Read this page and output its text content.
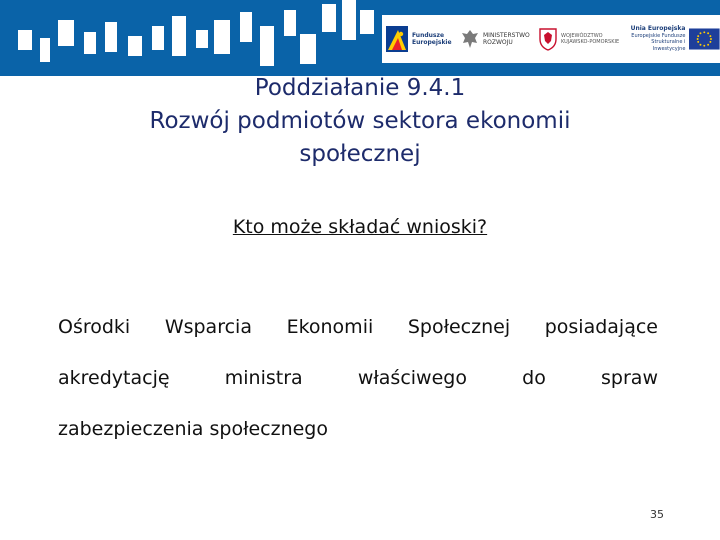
Fundusze
Europejskie
MINISTERSTWO
ROZWOJU
WOJEWÓDZTWO
KUJAWSKO-POMORSKIE
Unia Europejska
Europejskie Fundusze
Strukturalne i Inwestycyjne
Poddziałanie 9.4.1
Rozwój podmiotów sektora ekonomii
społecznej
Kto może składać wnioski?
Ośrodki Wsparcia Ekonomii Społecznej posiadające
akredytację	ministra	właściwego	do	spraw
zabezpieczenia społecznego
35
